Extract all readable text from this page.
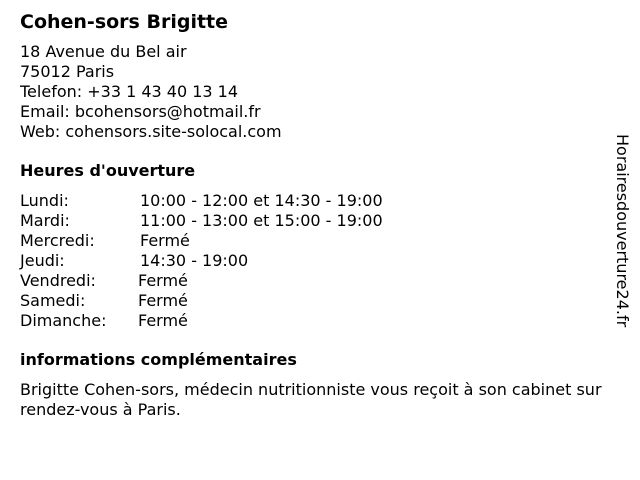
Cohen-sors Brigitte
18 Avenue du Bel air
75012 Paris
Telefon: +33 1 43 40 13 14
Email: bcohensors@hotmail.fr
Web: cohensors.site-solocal.com
Heures d'ouverture
Lundi:	10:00 - 12:00 et 14:30 - 19:00
Mardi:	11:00 - 13:00 et 15:00 - 19:00
Mercredi:	Fermé
Jeudi:	14:30 - 19:00
Vendredi:	Fermé
Samedi:	Fermé
Dimanche:	Fermé
informations complémentaires
Brigitte Cohen-sors, médecin nutritionniste vous reçoit à son cabinet sur rendez-vous à Paris.
Horairesdouverture24.fr
